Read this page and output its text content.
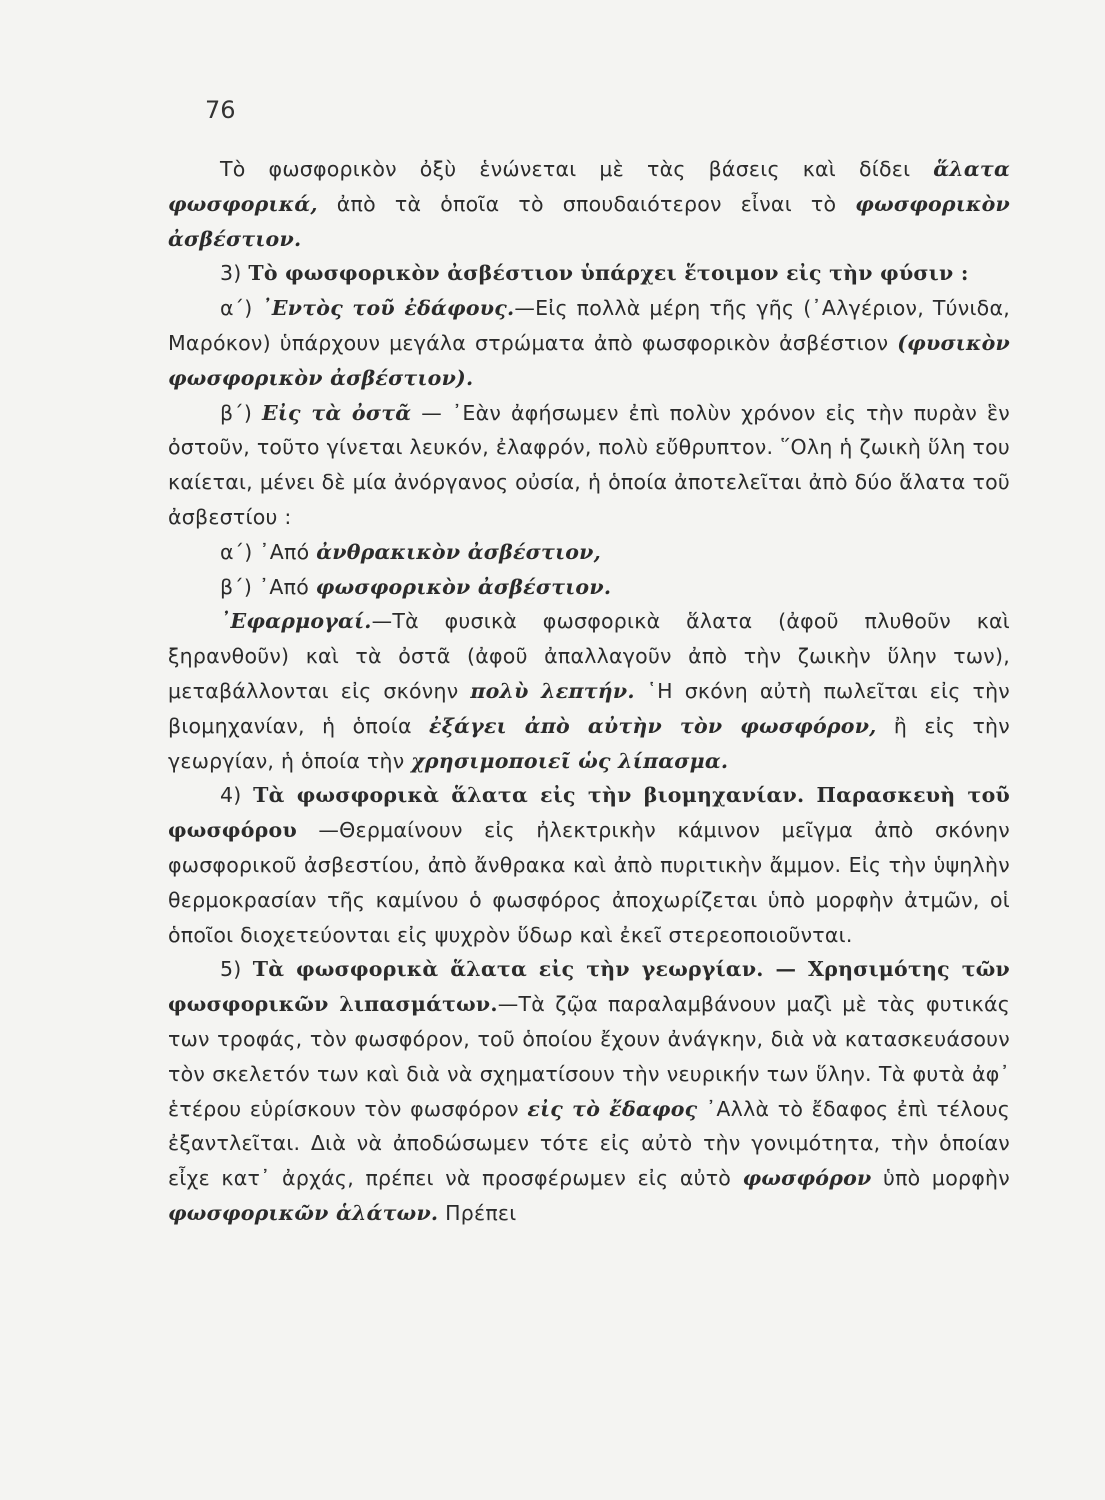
76

Τὸ φωσφορικὸν ὀξὺ ἑνώνεται μὲ τὰς βάσεις καὶ δίδει ἅλατα φωσφορικά, ἀπὸ τὰ ὁποῖα τὸ σπουδαιότερον εἶναι τὸ φωσφορικὸν ἀσβέστιον.

3) Τὸ φωσφορικὸν ἀσβέστιον ὑπάρχει ἕτοιμον εἰς τὴν φύσιν :

α΄) ᾿Εντὸς τοῦ ἐδάφους.—Εἰς πολλὰ μέρη τῆς γῆς (᾿Αλγέριον, Τύνιδα, Μαρόκον) ὑπάρχουν μεγάλα στρώματα ἀπὸ φωσφορικὸν ἀσβέστιον (φυσικὸν φωσφορικὸν ἀσβέστιον).

β΄) Εἰς τὰ ὀστᾶ — ᾿Εὰν ἀφήσωμεν ἐπὶ πολὺν χρόνον εἰς τὴν πυρὰν ἓν ὀστοῦν, τοῦτο γίνεται λευκόν, ἐλαφρόν, πολὺ εὔθρυπτον. ῞Ολη ἡ ζωικὴ ὕλη του καίεται, μένει δὲ μία ἀνόργανος οὐσία, ἡ ὁποία ἀποτελεῖται ἀπὸ δύο ἅλατα τοῦ ἀσβεστίου :

α΄) ᾿Από ἀνθρακικὸν ἀσβέστιον,

β΄) ᾿Από φωσφορικὸν ἀσβέστιον.

᾿Εφαρμογαί.—Τὰ φυσικὰ φωσφορικὰ ἅλατα (ἀφοῦ πλυθοῦν καὶ ξηρανθοῦν) καὶ τὰ ὀστᾶ (ἀφοῦ ἀπαλλαγοῦν ἀπὸ τὴν ζωικὴν ὕλην των), μεταβάλλονται εἰς σκόνην πολὺ λεπτήν. ῾Η σκόνη αὐτὴ πωλεῖται εἰς τὴν βιομηχανίαν, ἡ ὁποία ἐξάγει ἀπὸ αὐτὴν τὸν φωσφόρον, ἢ εἰς τὴν γεωργίαν, ἡ ὁποία τὴν χρησιμοποιεῖ ὡς λίπασμα.

4) Τὰ φωσφορικὰ ἅλατα εἰς τὴν βιομηχανίαν. Παρασκευὴ τοῦ φωσφόρου —Θερμαίνουν εἰς ἠλεκτρικὴν κάμινον μεῖγμα ἀπὸ σκόνην φωσφορικοῦ ἀσβεστίου, ἀπὸ ἄνθρακα καὶ ἀπὸ πυριτικὴν ἄμμον. Εἰς τὴν ὑψηλὴν θερμοκρασίαν τῆς καμίνου ὁ φωσφόρος ἀποχωρίζεται ὑπὸ μορφὴν ἀτμῶν, οἱ ὁποῖοι διοχετεύονται εἰς ψυχρὸν ὕδωρ καὶ ἐκεῖ στερεοποιοῦνται.

5) Τὰ φωσφορικὰ ἅλατα εἰς τὴν γεωργίαν. — Χρησιμότης τῶν φωσφορικῶν λιπασμάτων.—Τὰ ζῷα παραλαμβάνουν μαζὶ μὲ τὰς φυτικάς των τροφάς, τὸν φωσφόρον, τοῦ ὁποίου ἔχουν ἀνάγκην, διὰ νὰ κατασκευάσουν τὸν σκελετόν των καὶ διὰ νὰ σχηματίσουν τὴν νευρικήν των ὕλην. Τὰ φυτὰ ἀφ᾿ ἑτέρου εὑρίσκουν τὸν φωσφόρον εἰς τὸ ἔδαφος ᾿Αλλὰ τὸ ἔδαφος ἐπὶ τέλους ἐξαντλεῖται. Διὰ νὰ ἀποδώσωμεν τότε εἰς αὐτὸ τὴν γονιμότητα, τὴν ὁποίαν εἶχε κατ᾿ ἀρχάς, πρέπει νὰ προσφέρωμεν εἰς αὐτὸ φωσφόρον ὑπὸ μορφὴν φωσφορικῶν ἁλάτων. Πρέπει
